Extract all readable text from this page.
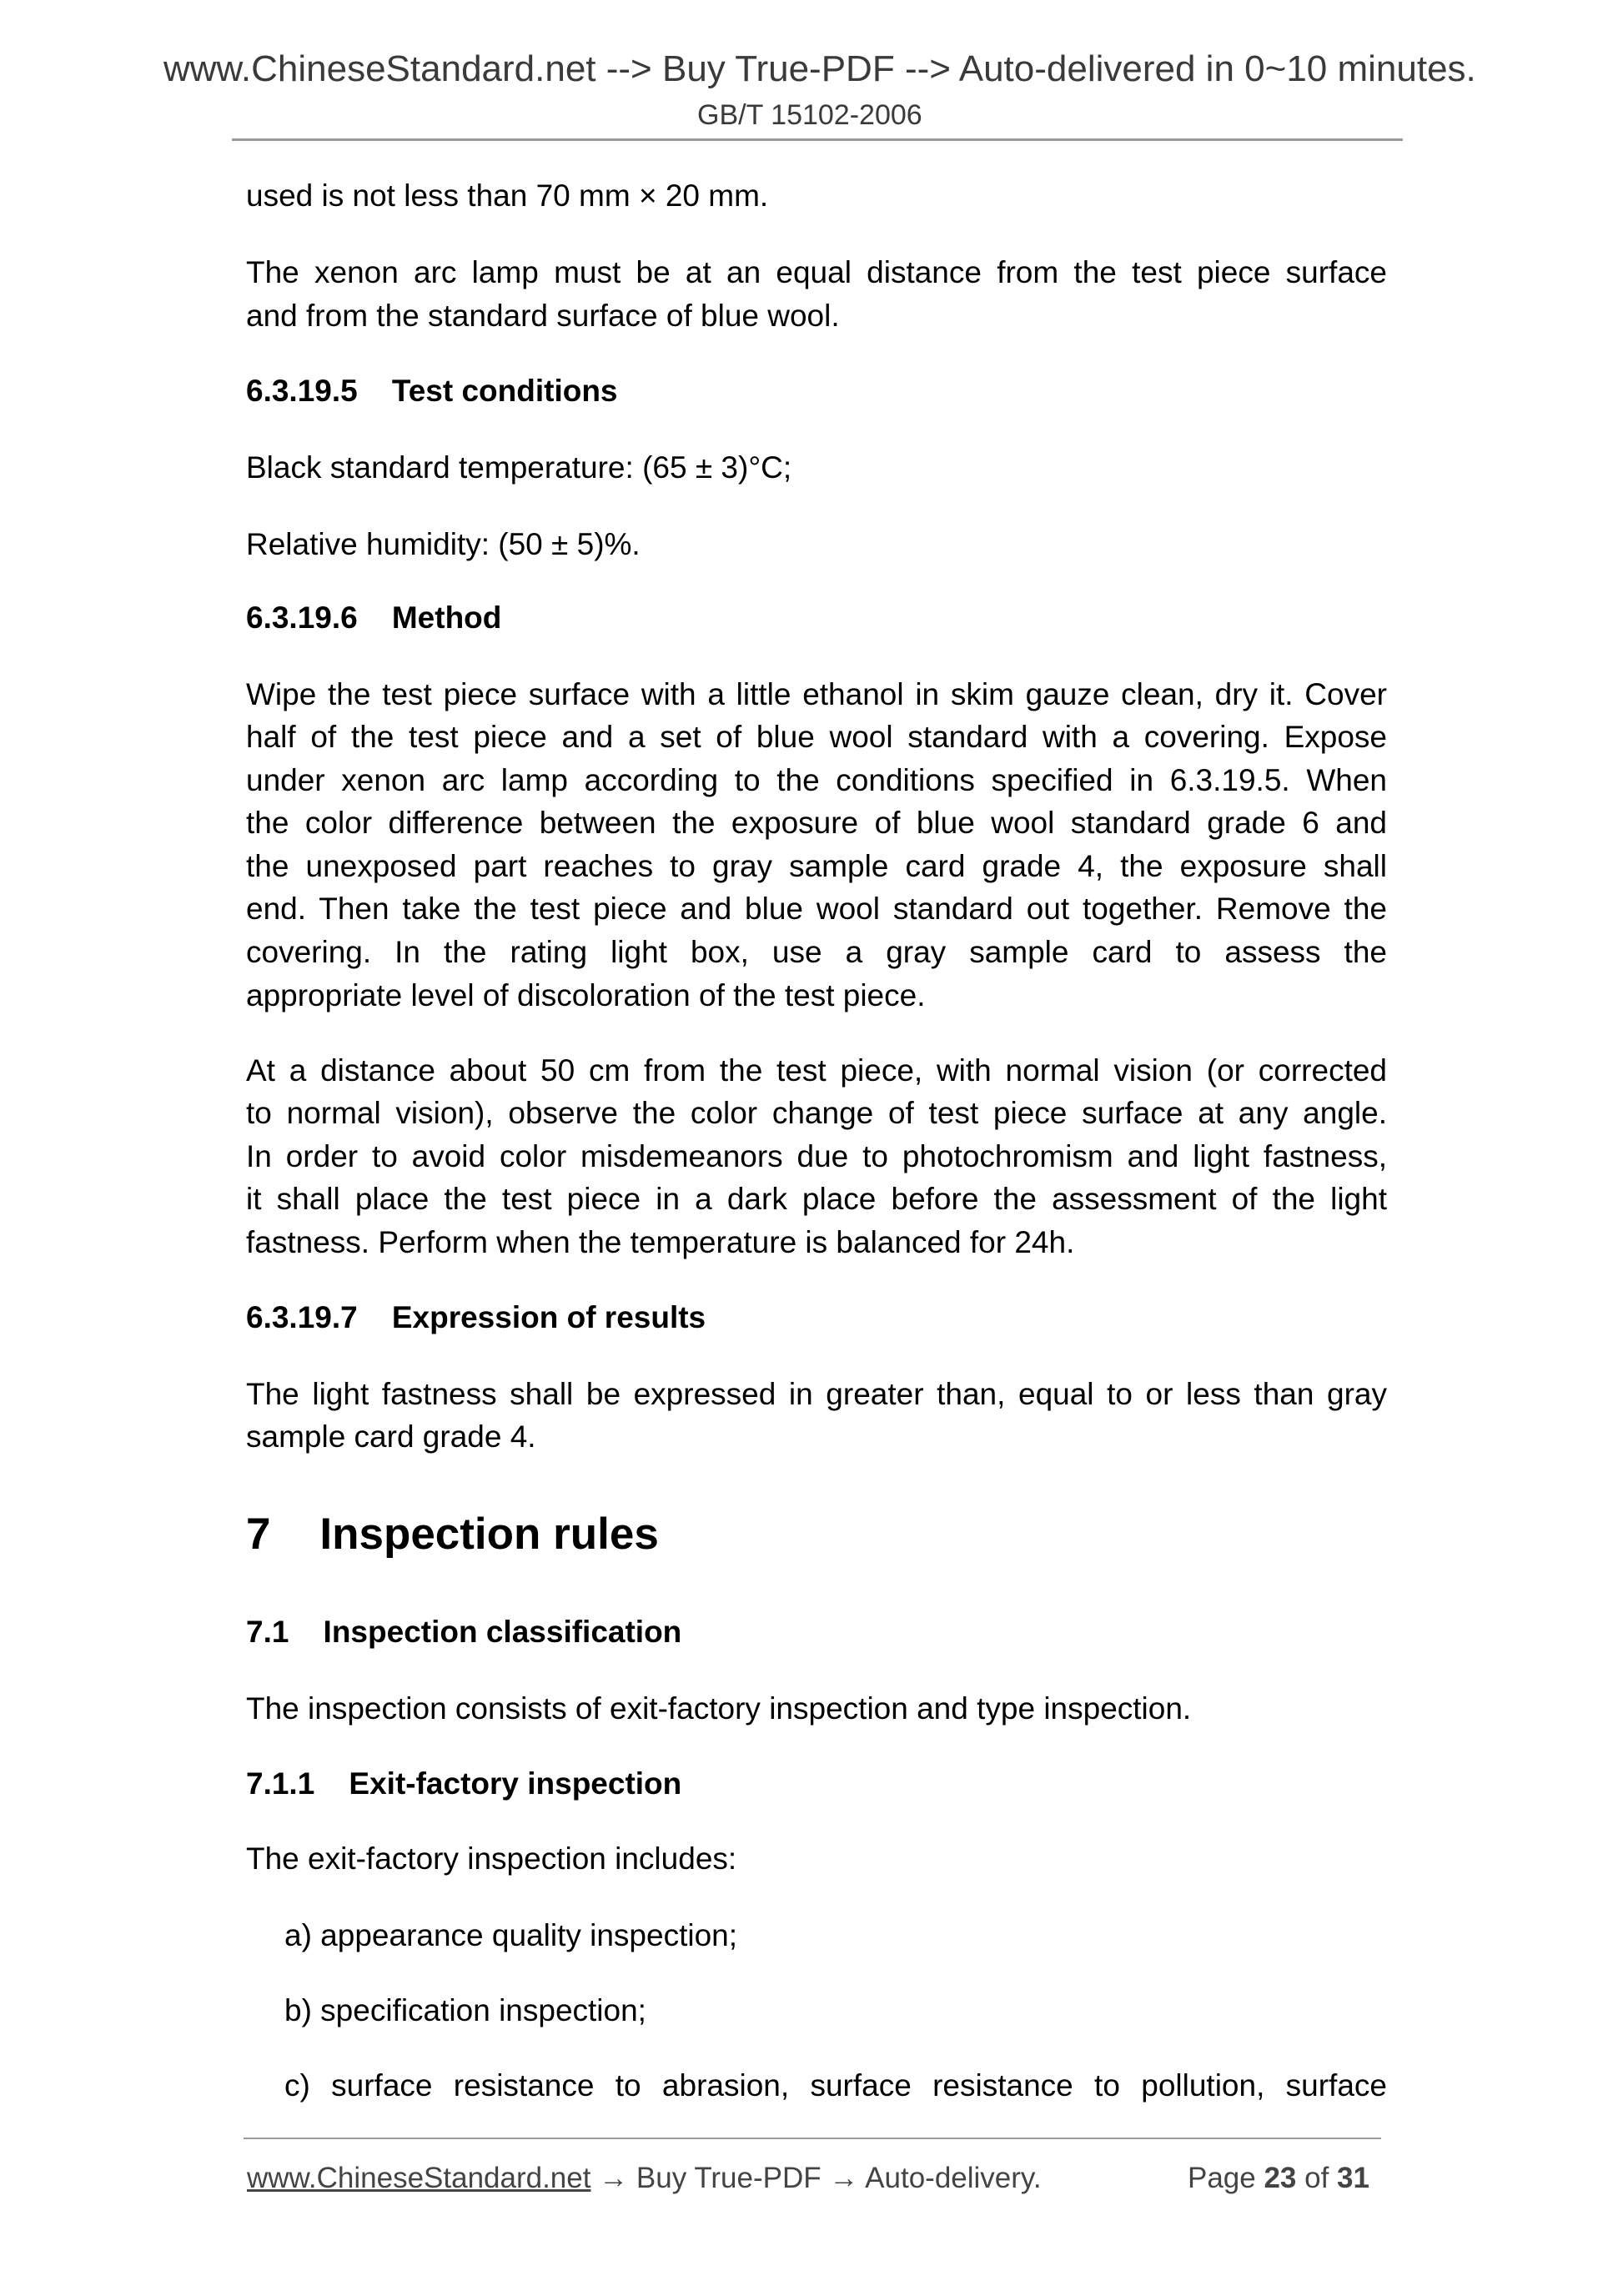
www.ChineseStandard.net --> Buy True-PDF --> Auto-delivered in 0~10 minutes.
GB/T 15102-2006
used is not less than 70 mm × 20 mm.
The xenon arc lamp must be at an equal distance from the test piece surface
and from the standard surface of blue wool.
6.3.19.5    Test conditions
Black standard temperature: (65 ± 3)°C;
Relative humidity: (50 ± 5)%.
6.3.19.6    Method
Wipe the test piece surface with a little ethanol in skim gauze clean, dry it. Cover
half of the test piece and a set of blue wool standard with a covering. Expose
under xenon arc lamp according to the conditions specified in 6.3.19.5. When
the color difference between the exposure of blue wool standard grade 6 and
the unexposed part reaches to gray sample card grade 4, the exposure shall
end. Then take the test piece and blue wool standard out together. Remove the
covering. In the rating light box, use a gray sample card to assess the
appropriate level of discoloration of the test piece.
At a distance about 50 cm from the test piece, with normal vision (or corrected
to normal vision), observe the color change of test piece surface at any angle.
In order to avoid color misdemeanors due to photochromism and light fastness,
it shall place the test piece in a dark place before the assessment of the light
fastness. Perform when the temperature is balanced for 24h.
6.3.19.7    Expression of results
The light fastness shall be expressed in greater than, equal to or less than gray
sample card grade 4.
7    Inspection rules
7.1    Inspection classification
The inspection consists of exit-factory inspection and type inspection.
7.1.1    Exit-factory inspection
The exit-factory inspection includes:
a) appearance quality inspection;
b) specification inspection;
c) surface resistance to abrasion, surface resistance to pollution, surface
www.ChineseStandard.net → Buy True-PDF → Auto-delivery.	Page 23 of 31
